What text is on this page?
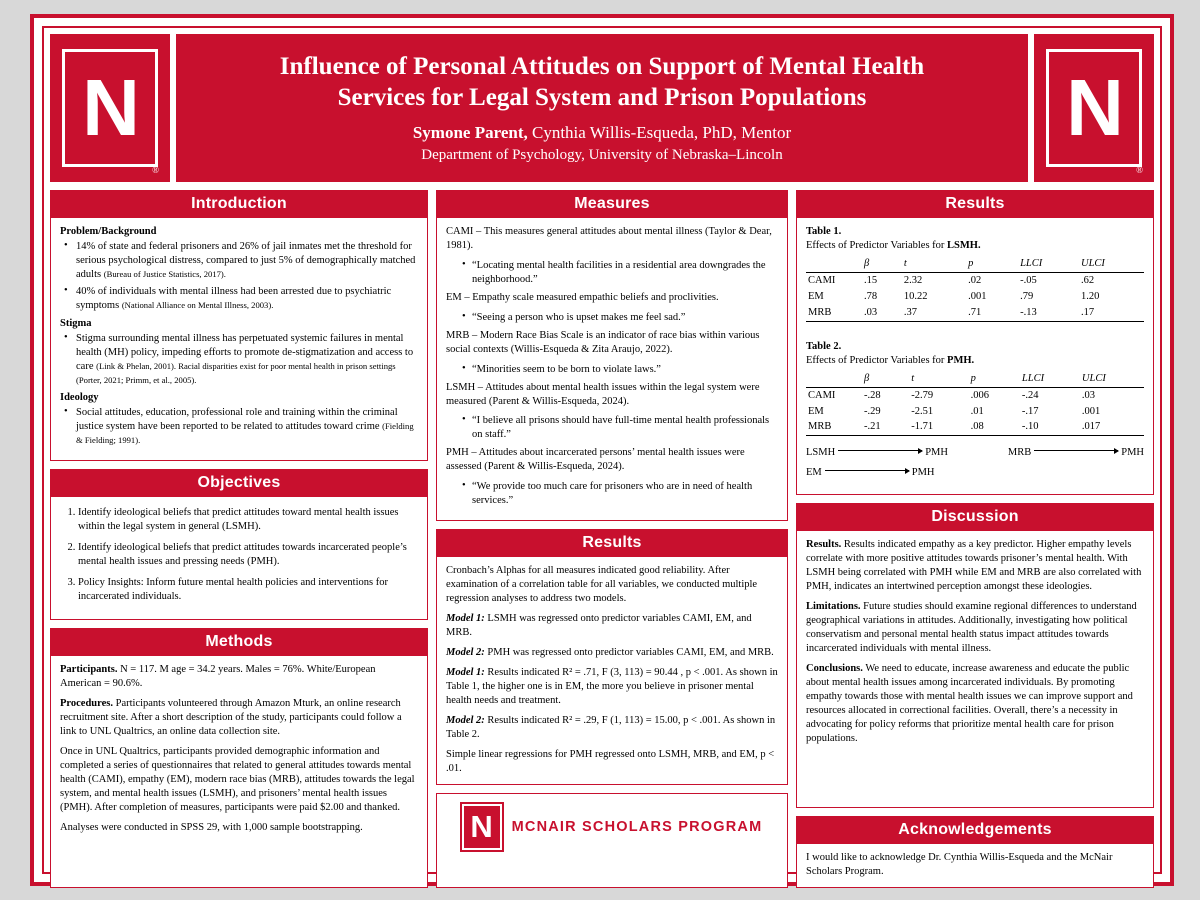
N
®
Influence of Personal Attitudes on Support of Mental Health
Services for Legal System and Prison Populations
Symone Parent, Cynthia Willis-Esqueda, PhD, Mentor
Department of Psychology, University of Nebraska–Lincoln
N
®
Introduction
Problem/Background
• 14% of state and federal prisoners and 26% of jail inmates met the threshold for serious psychological distress, compared to just 5% of demographically matched adults (Bureau of Justice Statistics, 2017).
• 40% of individuals with mental illness had been arrested due to psychiatric symptoms (National Alliance on Mental Illness, 2003).
Stigma
• Stigma surrounding mental illness has perpetuated systemic failures in mental health (MH) policy, impeding efforts to promote de-stigmatization and access to care (Link & Phelan, 2001). Racial disparities exist for poor mental health in prison settings (Porter, 2021; Primm, et al., 2005).
Ideology
• Social attitudes, education, professional role and training within the criminal justice system have been reported to be related to attitudes toward crime (Fielding & Fielding; 1991).
Objectives
1. Identify ideological beliefs that predict attitudes toward mental health issues within the legal system in general (LSMH).
2. Identify ideological beliefs that predict attitudes towards incarcerated people’s mental health issues and pressing needs (PMH).
3. Policy Insights: Inform future mental health policies and interventions for incarcerated individuals.
Methods

Participants. N = 117. M age = 34.2 years. Males = 76%. White/European American = 90.6%.

Procedures. Participants volunteered through Amazon Mturk, an online research recruitment site. After a short description of the study, participants could follow a link to UNL Qualtrics, an online data collection site.

Once in UNL Qualtrics, participants provided demographic information and completed a series of questionnaires that related to general attitudes towards mental health (CAMI), empathy (EM), modern race bias (MRB), attitudes towards the legal system, and mental health issues (LSMH), and prisoners’ mental health issues (PMH). After completion of measures, participants were paid $2.00 and thanked.

Analyses were conducted in SPSS 29, with 1,000 sample bootstrapping.

Measures

CAMI – This measures general attitudes about mental illness (Taylor & Dear, 1981).

• “Locating mental health facilities in a residential area downgrades the neighborhood.”

EM – Empathy scale measured empathic beliefs and proclivities.

• “Seeing a person who is upset makes me feel sad.”

MRB – Modern Race Bias Scale is an indicator of race bias within various social contexts (Willis-Esqueda & Zita Araujo, 2022).

• “Minorities seem to be born to violate laws.”

LSMH – Attitudes about mental health issues within the legal system were measured (Parent & Willis-Esqueda, 2024).

• “I believe all prisons should have full-time mental health professionals on staff.”

PMH – Attitudes about incarcerated persons’ mental health issues were assessed (Parent & Willis-Esqueda, 2024).

• “We provide too much care for prisoners who are in need of health services.”
Results

Cronbach’s Alphas for all measures indicated good reliability. After examination of a correlation table for all variables, we conducted multiple regression analyses to address two models.

Model 1: LSMH was regressed onto predictor variables CAMI, EM, and MRB.

Model 2: PMH was regressed onto predictor variables CAMI, EM, and MRB.

Model 1: Results indicated R² = .71, F (3, 113) = 90.44 , p < .001. As shown in Table 1, the higher one is in EM, the more you believe in prisoner mental health needs and treatment.

Model 2: Results indicated R² = .29, F (1, 113) = 15.00, p < .001. As shown in Table 2.

Simple linear regressions for PMH regressed onto LSMH, MRB, and EM, p < .01.

N	MCNAIR SCHOLARS PROGRAM
Results
Table 1.
Effects of Predictor Variables for LSMH.
	β	t	p	LLCI	ULCI
CAMI	.15	2.32	.02	-.05	.62
EM	.78	10.22	.001	.79	1.20
MRB	.03	.37	.71	-.13	.17
Table 2.
Effects of Predictor Variables for PMH.
	β	t	p	LLCI	ULCI
CAMI	-.28	-2.79	.006	-.24	.03
EM	-.29	-2.51	.01	-.17	.001
MRB	-.21	-1.71	.08	-.10	.017
LSMH	PMH	MRB	PMH
EM	PMH
Discussion

Results. Results indicated empathy as a key predictor. Higher empathy levels correlate with more positive attitudes towards prisoner’s mental health. With LSMH being correlated with PMH while EM and MRB are also correlated with PMH, indicates an intertwined perception amongst these ideologies.

Limitations. Future studies should examine regional differences to understand geographical variations in attitudes. Additionally, investigating how political conservatism and personal mental health status impact attitudes towards incarcerated individuals with mental illness.

Conclusions. We need to educate, increase awareness and educate the public about mental health issues among incarcerated individuals. By promoting empathy towards those with mental health issues we can improve support and resources allocated in correctional facilities. Overall, there’s a necessity in advocating for policy reforms that prioritize mental health care for prison populations.

Acknowledgements

I would like to acknowledge Dr. Cynthia Willis-Esqueda and the McNair Scholars Program.
